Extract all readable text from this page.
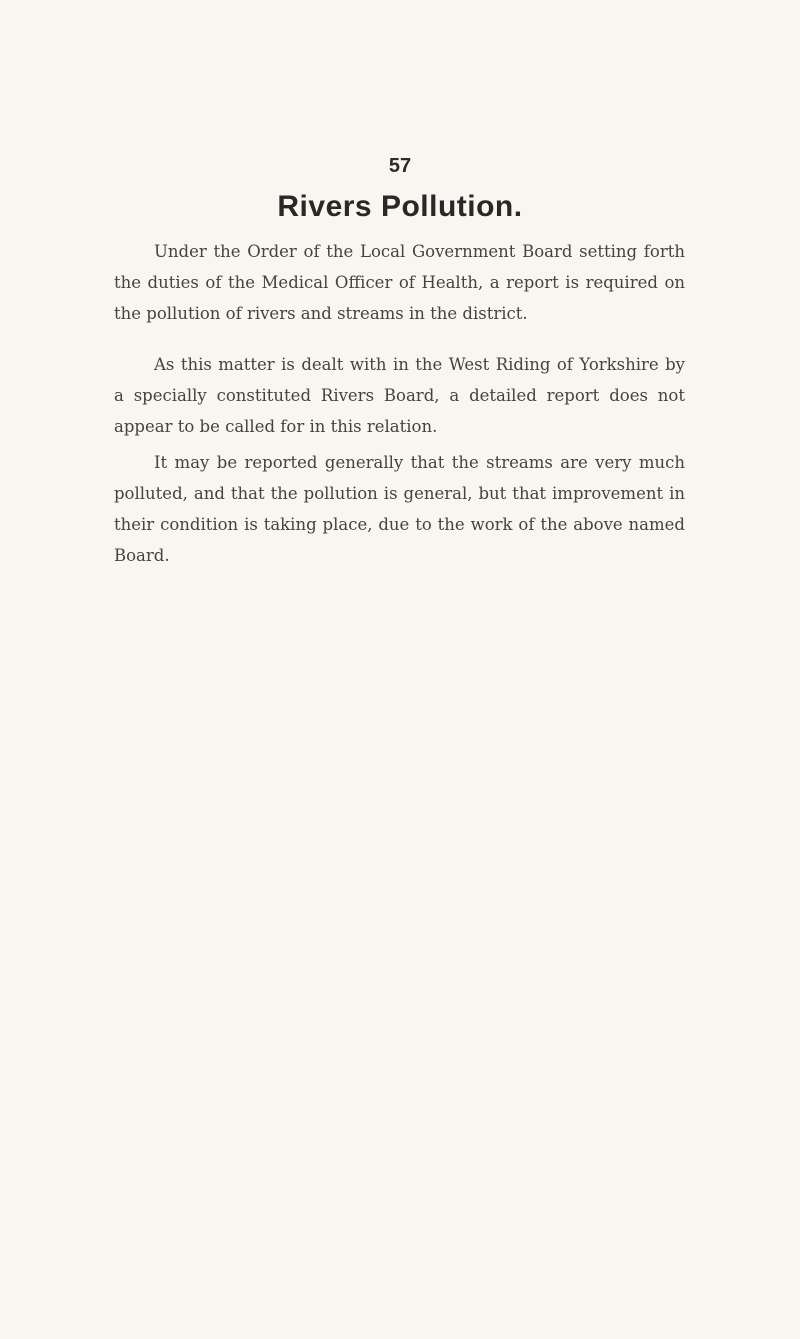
57
Rivers Pollution.

Under the Order of the Local Government Board setting forth the duties of the Medical Officer of Health, a report is required on the pollution of rivers and streams in the district.

As this matter is dealt with in the West Riding of Yorkshire by a specially constituted Rivers Board, a detailed report does not appear to be called for in this relation.

It may be reported generally that the streams are very much polluted, and that the pollution is general, but that improvement in their condition is taking place, due to the work of the above named Board.
